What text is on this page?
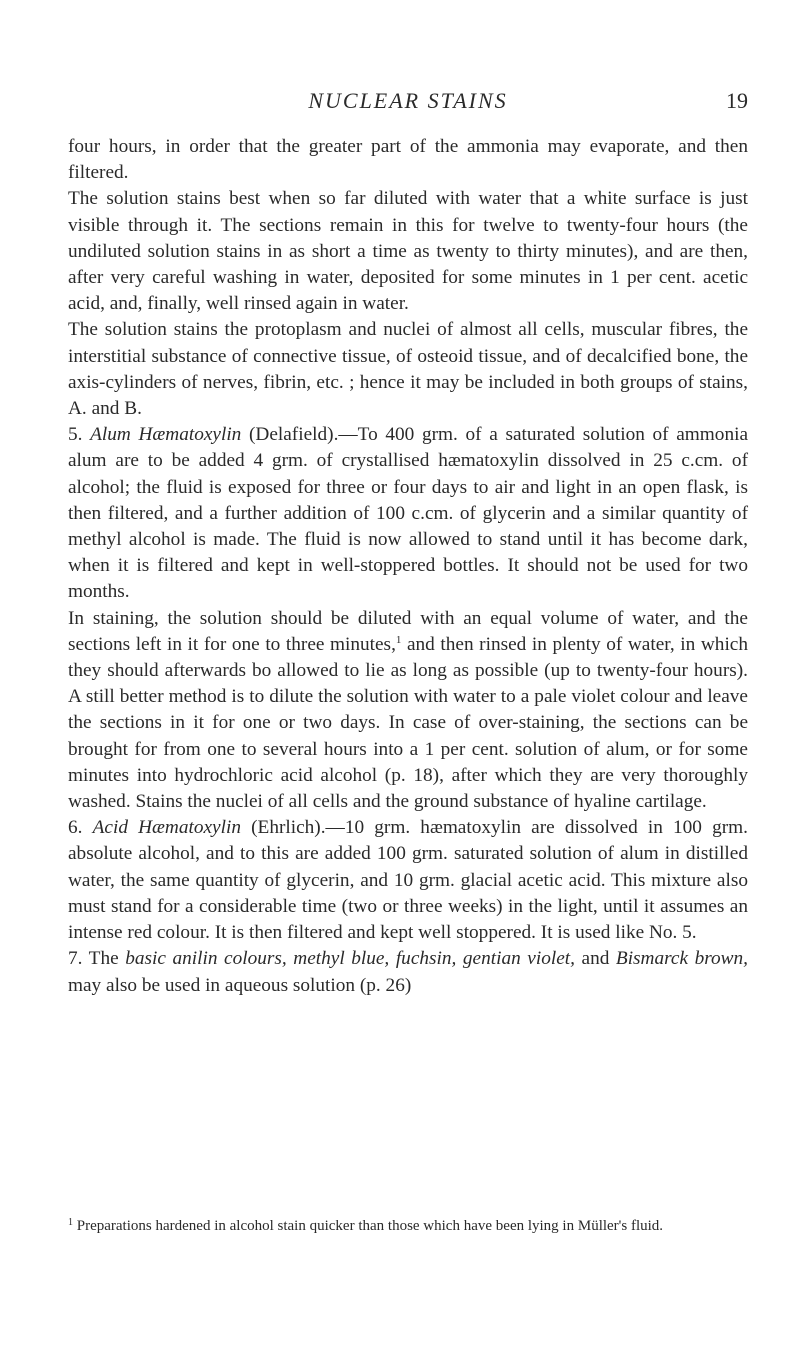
NUCLEAR STAINS	19

four hours, in order that the greater part of the ammonia may evaporate, and then filtered.

The solution stains best when so far diluted with water that a white surface is just visible through it. The sections remain in this for twelve to twenty-four hours (the undiluted solution stains in as short a time as twenty to thirty minutes), and are then, after very careful washing in water, deposited for some minutes in 1 per cent. acetic acid, and, finally, well rinsed again in water.

The solution stains the protoplasm and nuclei of almost all cells, muscular fibres, the interstitial substance of connective tissue, of osteoid tissue, and of decalcified bone, the axis-cylinders of nerves, fibrin, etc. ; hence it may be included in both groups of stains, A. and B.

5. Alum Hæmatoxylin (Delafield).—To 400 grm. of a saturated solution of ammonia alum are to be added 4 grm. of crystallised hæmatoxylin dissolved in 25 c.cm. of alcohol; the fluid is exposed for three or four days to air and light in an open flask, is then filtered, and a further addition of 100 c.cm. of glycerin and a similar quantity of methyl alcohol is made. The fluid is now allowed to stand until it has become dark, when it is filtered and kept in well-stoppered bottles. It should not be used for two months.

In staining, the solution should be diluted with an equal volume of water, and the sections left in it for one to three minutes,$^1$ and then rinsed in plenty of water, in which they should afterwards bo allowed to lie as long as possible (up to twenty-four hours). A still better method is to dilute the solution with water to a pale violet colour and leave the sections in it for one or two days. In case of over-staining, the sections can be brought for from one to several hours into a 1 per cent. solution of alum, or for some minutes into hydrochloric acid alcohol (p. 18), after which they are very thoroughly washed. Stains the nuclei of all cells and the ground substance of hyaline cartilage.

6. Acid Hæmatoxylin (Ehrlich).—10 grm. hæmatoxylin are dissolved in 100 grm. absolute alcohol, and to this are added 100 grm. saturated solution of alum in distilled water, the same quantity of glycerin, and 10 grm. glacial acetic acid. This mixture also must stand for a considerable time (two or three weeks) in the light, until it assumes an intense red colour. It is then filtered and kept well stoppered. It is used like No. 5.

7. The basic anilin colours, methyl blue, fuchsin, gentian violet, and Bismarck brown, may also be used in aqueous solution (p. 26)

$^1$ Preparations hardened in alcohol stain quicker than those which have been lying in Müller's fluid.
